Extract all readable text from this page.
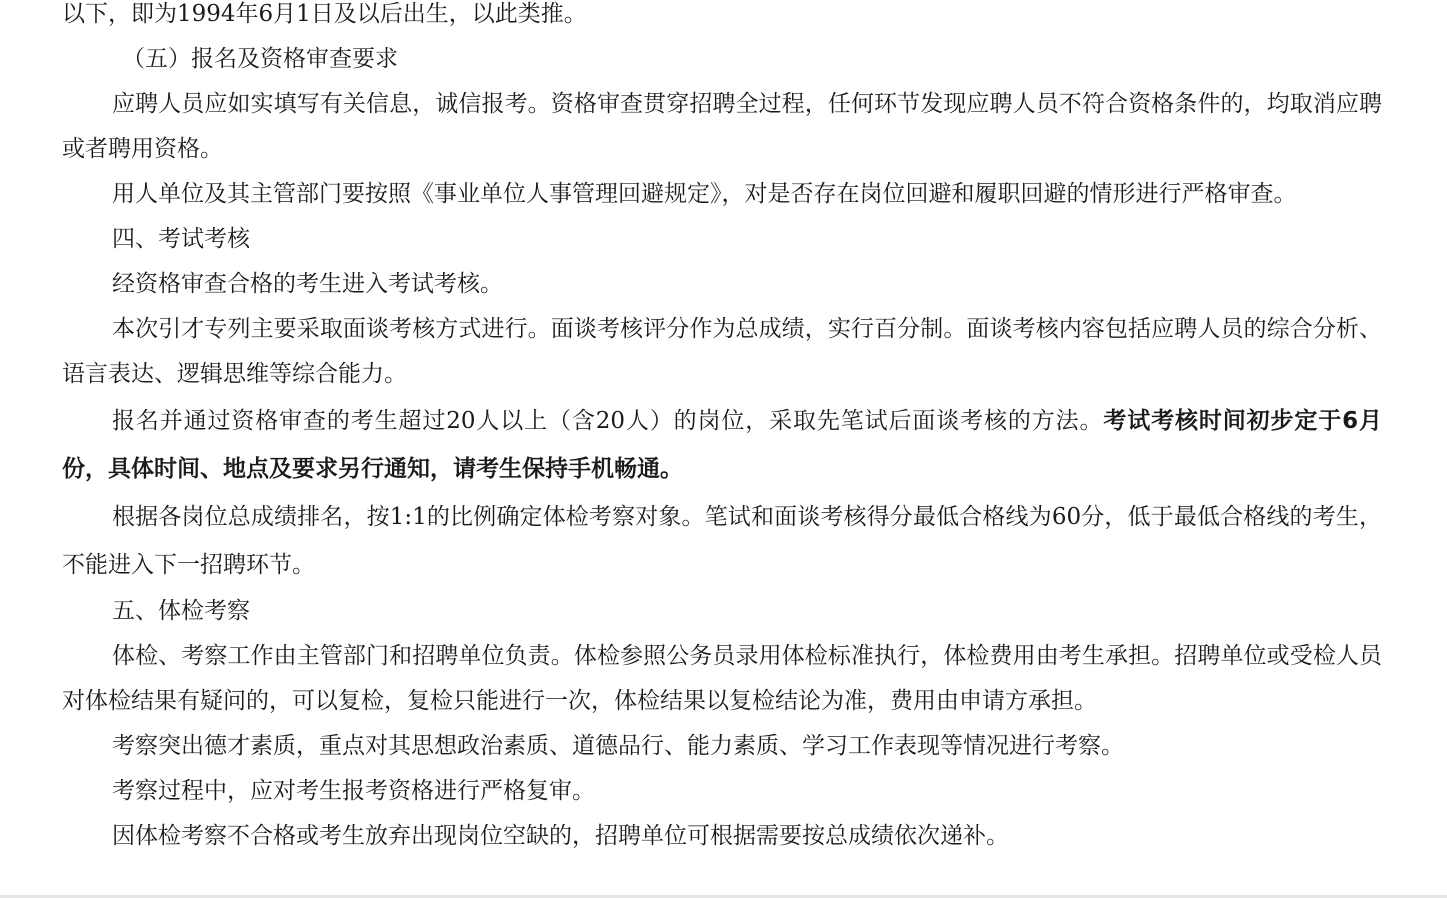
以下，即为1994年6月1日及以后出生，以此类推。

（五）报名及资格审查要求

应聘人员应如实填写有关信息，诚信报考。资格审查贯穿招聘全过程，任何环节发现应聘人员不符合资格条件的，均取消应聘或者聘用资格。

用人单位及其主管部门要按照《事业单位人事管理回避规定》，对是否存在岗位回避和履职回避的情形进行严格审查。

四、考试考核

经资格审查合格的考生进入考试考核。

本次引才专列主要采取面谈考核方式进行。面谈考核评分作为总成绩，实行百分制。面谈考核内容包括应聘人员的综合分析、语言表达、逻辑思维等综合能力。

报名并通过资格审查的考生超过20人以上（含20人）的岗位，采取先笔试后面谈考核的方法。考试考核时间初步定于6月份，具体时间、地点及要求另行通知，请考生保持手机畅通。

根据各岗位总成绩排名，按1:1的比例确定体检考察对象。笔试和面谈考核得分最低合格线为60分，低于最低合格线的考生，不能进入下一招聘环节。

五、体检考察

体检、考察工作由主管部门和招聘单位负责。体检参照公务员录用体检标准执行，体检费用由考生承担。招聘单位或受检人员对体检结果有疑问的，可以复检，复检只能进行一次，体检结果以复检结论为准，费用由申请方承担。

考察突出德才素质，重点对其思想政治素质、道德品行、能力素质、学习工作表现等情况进行考察。

考察过程中，应对考生报考资格进行严格复审。

因体检考察不合格或考生放弃出现岗位空缺的，招聘单位可根据需要按总成绩依次递补。
